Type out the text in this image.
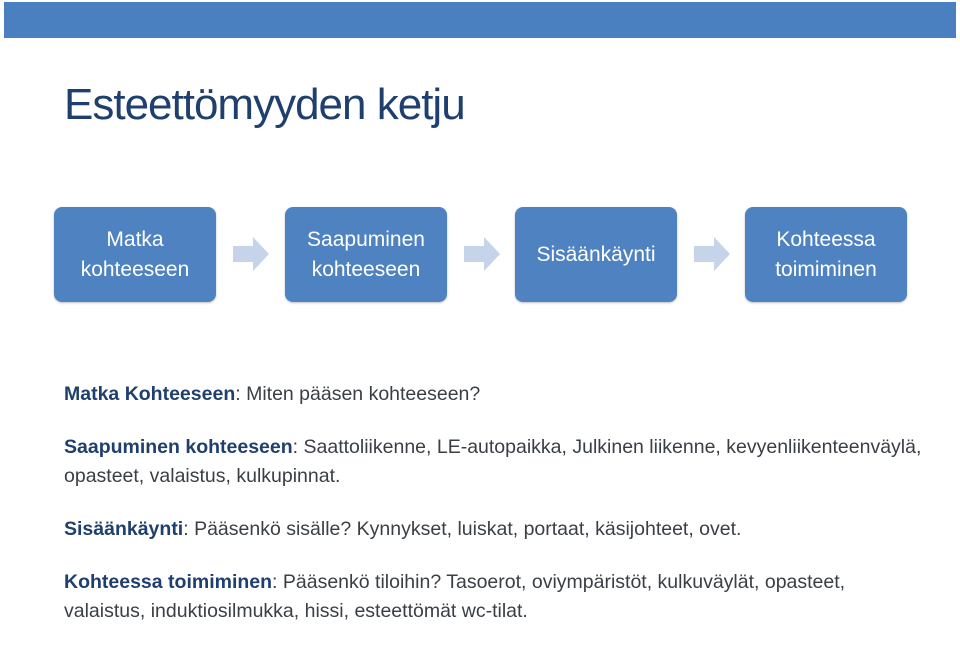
Esteettömyyden ketju
Matka
kohteeseen
Saapuminen
kohteeseen
Sisäänkäynti
Kohteessa
toimiminen

Matka Kohteeseen: Miten pääsen kohteeseen?

Saapuminen kohteeseen: Saattoliikenne, LE-autopaikka, Julkinen liikenne, kevyenliikenteenväylä, opasteet, valaistus, kulkupinnat.

Sisäänkäynti: Pääsenkö sisälle? Kynnykset, luiskat, portaat, käsijohteet, ovet.

Kohteessa toimiminen: Pääsenkö tiloihin? Tasoerot, oviympäristöt, kulkuväylät, opasteet, valaistus, induktiosilmukka, hissi, esteettömät wc-tilat.
